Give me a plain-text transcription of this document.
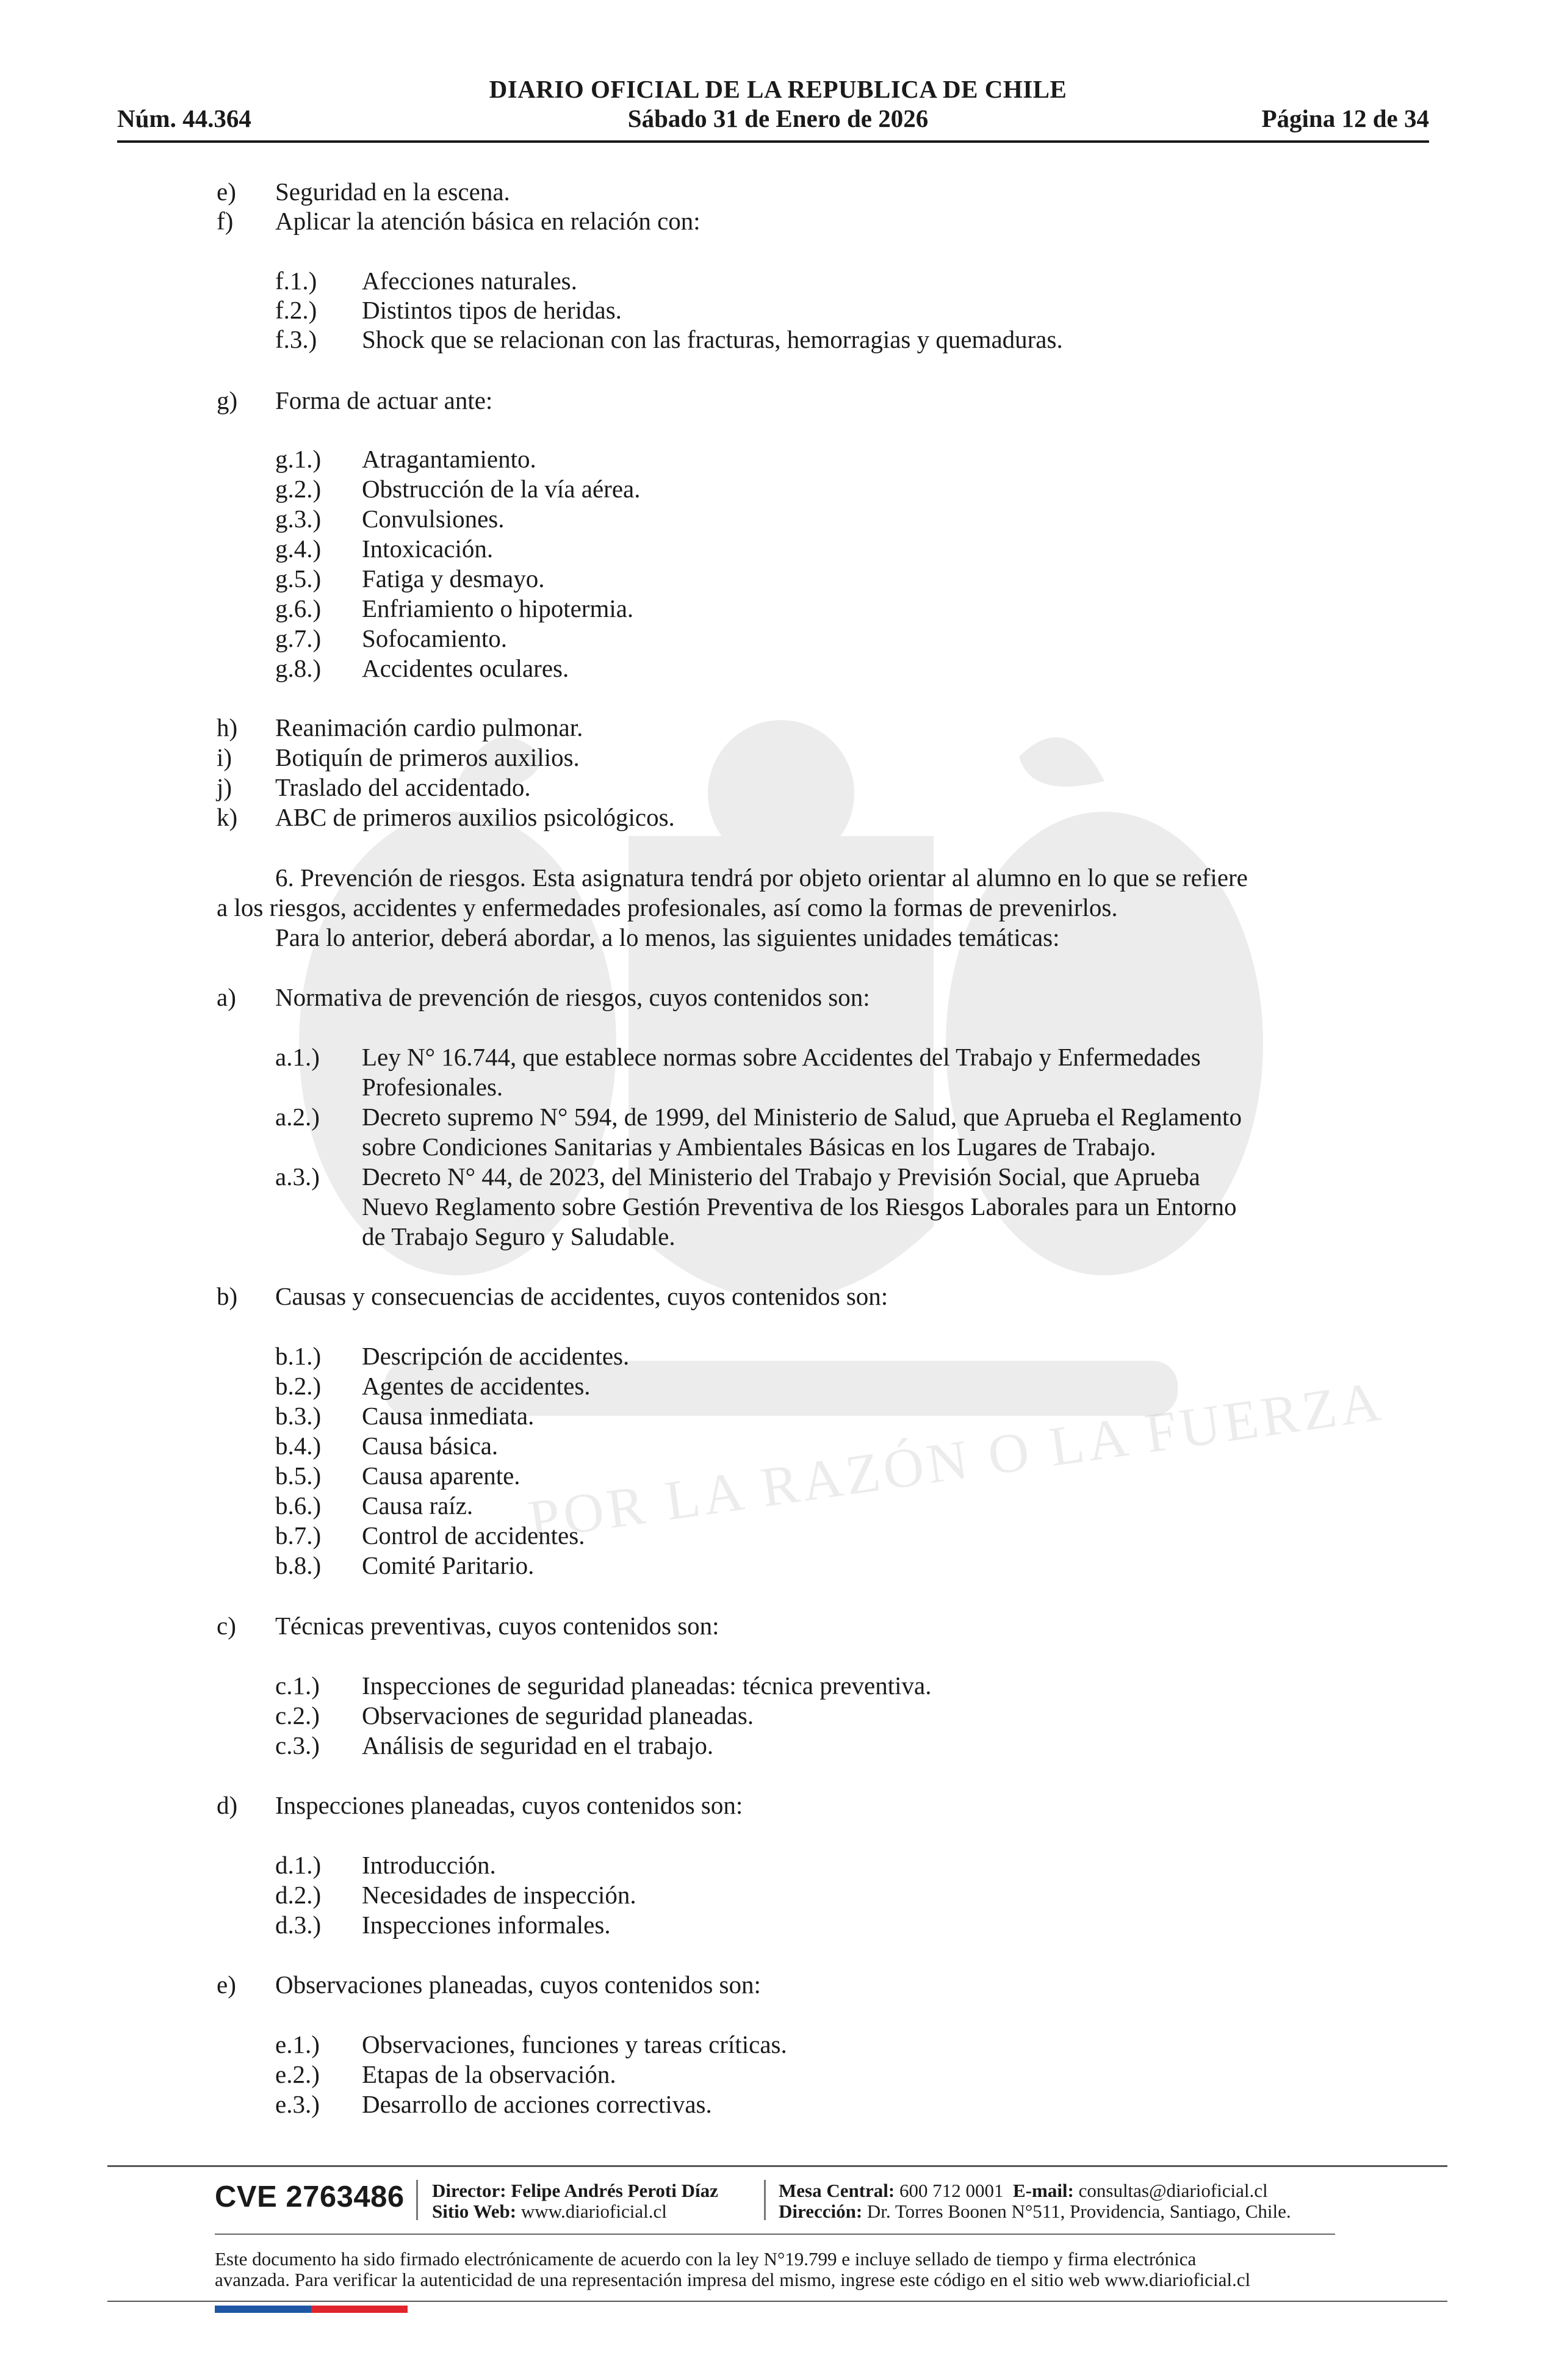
POR LA RAZÓN O LA FUERZA
DIARIO OFICIAL DE LA REPUBLICA DE CHILE
Núm. 44.364	Sábado 31 de Enero de 2026	Página 12 de 34
e) Seguridad en la escena.
f) Aplicar la atención básica en relación con:
f.1.) Afecciones naturales.
f.2.) Distintos tipos de heridas.
f.3.) Shock que se relacionan con las fracturas, hemorragias y quemaduras.
g) Forma de actuar ante:
g.1.) Atragantamiento.
g.2.) Obstrucción de la vía aérea.
g.3.) Convulsiones.
g.4.) Intoxicación.
g.5.) Fatiga y desmayo.
g.6.) Enfriamiento o hipotermia.
g.7.) Sofocamiento.
g.8.) Accidentes oculares.
h) Reanimación cardio pulmonar.
i) Botiquín de primeros auxilios.
j) Traslado del accidentado.
k) ABC de primeros auxilios psicológicos.
6. Prevención de riesgos. Esta asignatura tendrá por objeto orientar al alumno en lo que se refiere
a los riesgos, accidentes y enfermedades profesionales, así como la formas de prevenirlos.
Para lo anterior, deberá abordar, a lo menos, las siguientes unidades temáticas:
a) Normativa de prevención de riesgos, cuyos contenidos son:
a.1.) Ley N° 16.744, que establece normas sobre Accidentes del Trabajo y Enfermedades
Profesionales.
a.2.) Decreto supremo N° 594, de 1999, del Ministerio de Salud, que Aprueba el Reglamento
sobre Condiciones Sanitarias y Ambientales Básicas en los Lugares de Trabajo.
a.3.) Decreto N° 44, de 2023, del Ministerio del Trabajo y Previsión Social, que Aprueba
Nuevo Reglamento sobre Gestión Preventiva de los Riesgos Laborales para un Entorno
de Trabajo Seguro y Saludable.
b) Causas y consecuencias de accidentes, cuyos contenidos son:
b.1.) Descripción de accidentes.
b.2.) Agentes de accidentes.
b.3.) Causa inmediata.
b.4.) Causa básica.
b.5.) Causa aparente.
b.6.) Causa raíz.
b.7.) Control de accidentes.
b.8.) Comité Paritario.
c) Técnicas preventivas, cuyos contenidos son:
c.1.) Inspecciones de seguridad planeadas: técnica preventiva.
c.2.) Observaciones de seguridad planeadas.
c.3.) Análisis de seguridad en el trabajo.
d) Inspecciones planeadas, cuyos contenidos son:
d.1.) Introducción.
d.2.) Necesidades de inspección.
d.3.) Inspecciones informales.
e) Observaciones planeadas, cuyos contenidos son:
e.1.) Observaciones, funciones y tareas críticas.
e.2.) Etapas de la observación.
e.3.) Desarrollo de acciones correctivas.
CVE 2763486 Director: Felipe Andrés Peroti Díaz
Sitio Web: www.diarioficial.cl
Mesa Central: 600 712 0001 E-mail: consultas@diarioficial.cl
Dirección: Dr. Torres Boonen N°511, Providencia, Santiago, Chile.
Este documento ha sido firmado electrónicamente de acuerdo con la ley N°19.799 e incluye sellado de tiempo y firma electrónica
avanzada. Para verificar la autenticidad de una representación impresa del mismo, ingrese este código en el sitio web www.diarioficial.cl
